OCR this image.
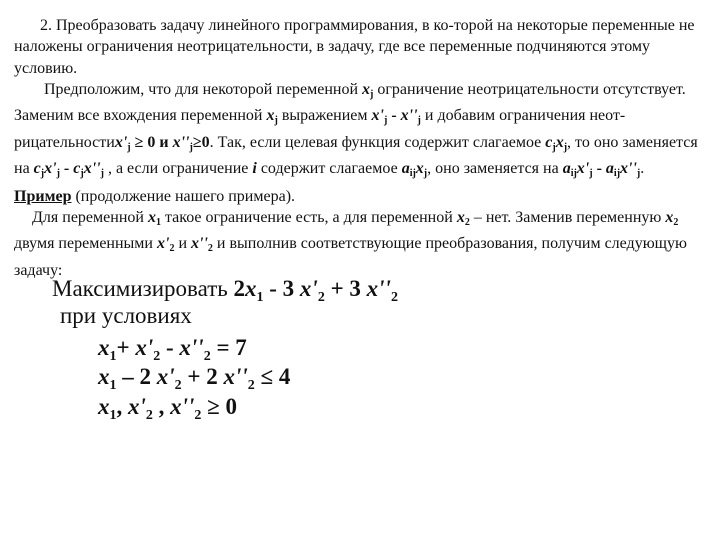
2. Преобразовать задачу линейного программирования, в ко-торой на некоторые переменные не наложены ограничения неотрицательности, в задачу, где все переменные подчиняются этому условию.

Предположим, что для некоторой переменной $x_j$ ограничение неотрицательности отсутствует. Заменим все вхождения переменной $x_j$ выражением $x'_j - x''_j$ и добавим ограничения неот-$рицательностиx'_j \ge 0$ и $x''_j\ge 0$. Так, если целевая функция содержит слагаемое $c_jx_j$, то оно заменяется на $c_jx'_j - c_jx''_j$ , а если ограничение i содержит слагаемое $a_{ij}x_j$, оно заменяется на $a_{ij}x'_j - a_{ij}x''_j$.

Пример (продолжение нашего примера).

Для переменной $x_1$ такое ограничение есть, а для переменной $x_2$ – нет. Заменив переменную $x_2$ двумя переменными $x'_2$ и $x''_2$ и выполнив соответствующие преобразования, получим следующую задачу:

Максимизировать $2x_1 - 3$ $x'_2 + 3$ $x''_2$
при условиях
$x_1+ x'_2 - x''_2 = 7$
$x_1 - 2$ $x'_2 + 2$ $x''_2 \le 4$
$x_1$, $x'_2$ , $x''_2 \ge 0$
